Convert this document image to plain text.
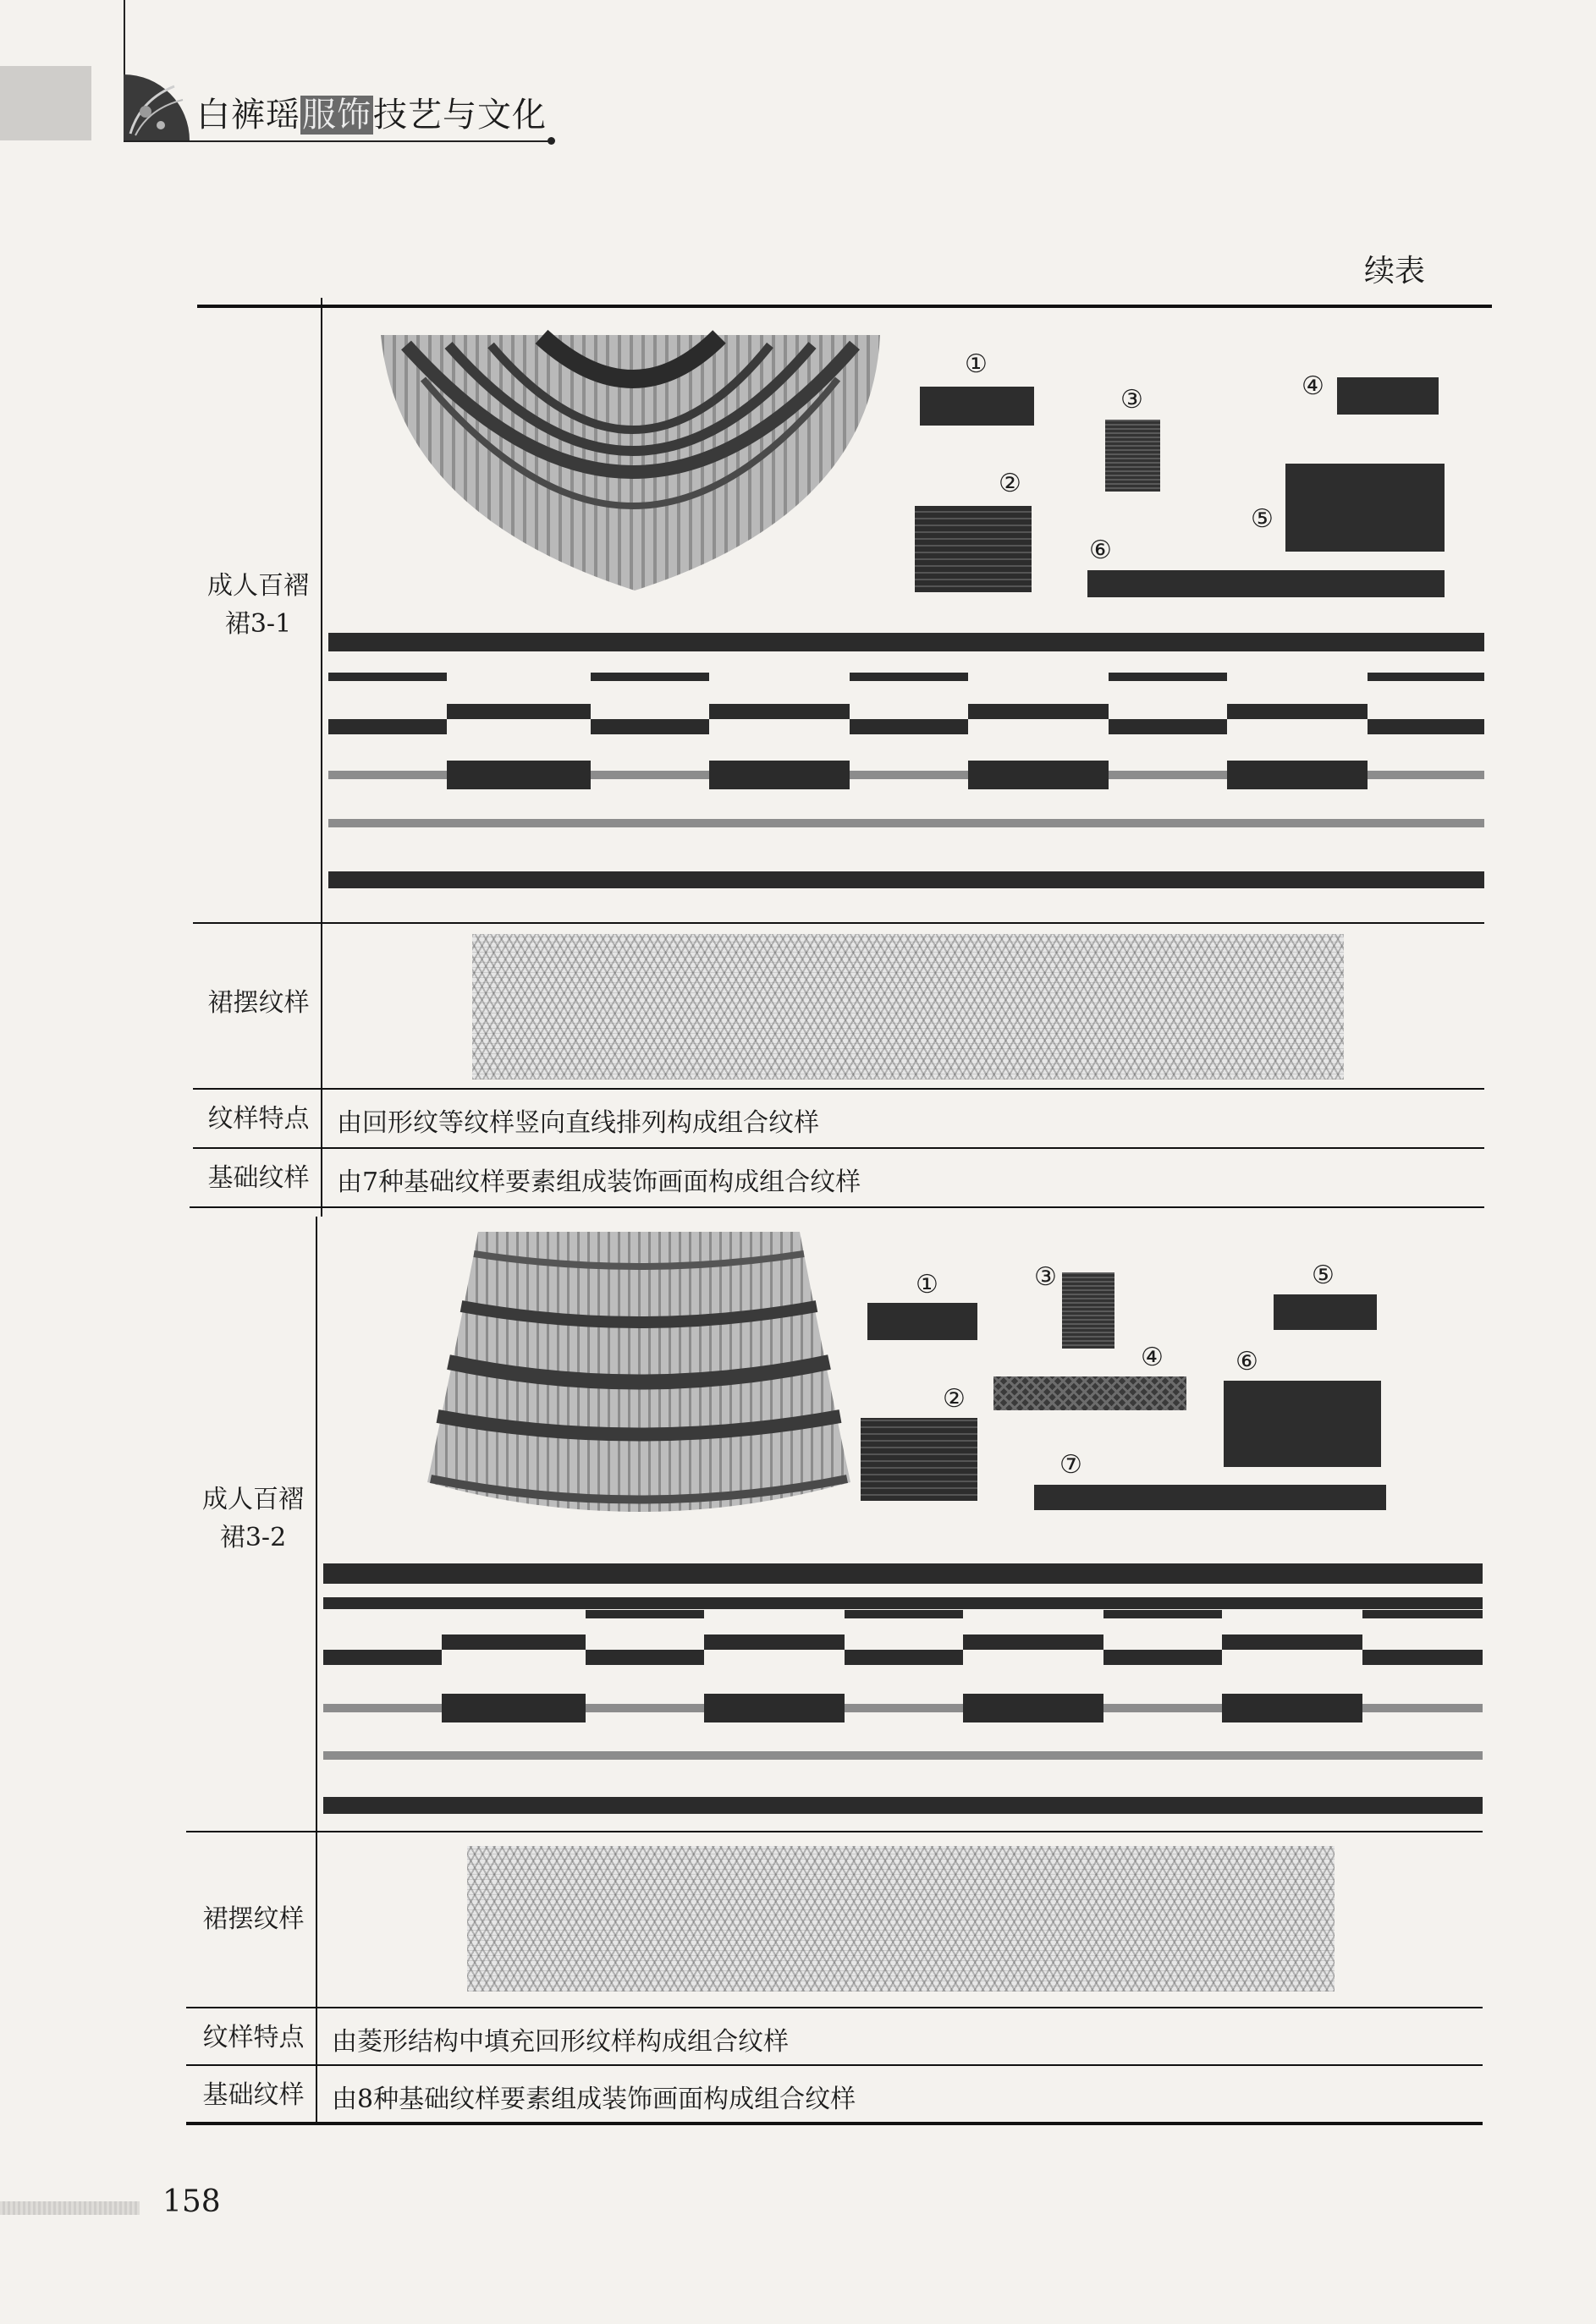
白裤瑶服饰技艺与文化
续表
成人百褶
裙3-1
①
②
③	④
⑤
⑥
裙摆纹样
纹样特点 由回形纹等纹样竖向直线排列构成组合纹样
基础纹样 由7种基础纹样要素组成装饰画面构成组合纹样
成人百褶
裙3-2
①
②
③
④
⑤
⑥
⑦
裙摆纹样
纹样特点 由菱形结构中填充回形纹样构成组合纹样
基础纹样 由8种基础纹样要素组成装饰画面构成组合纹样
158
